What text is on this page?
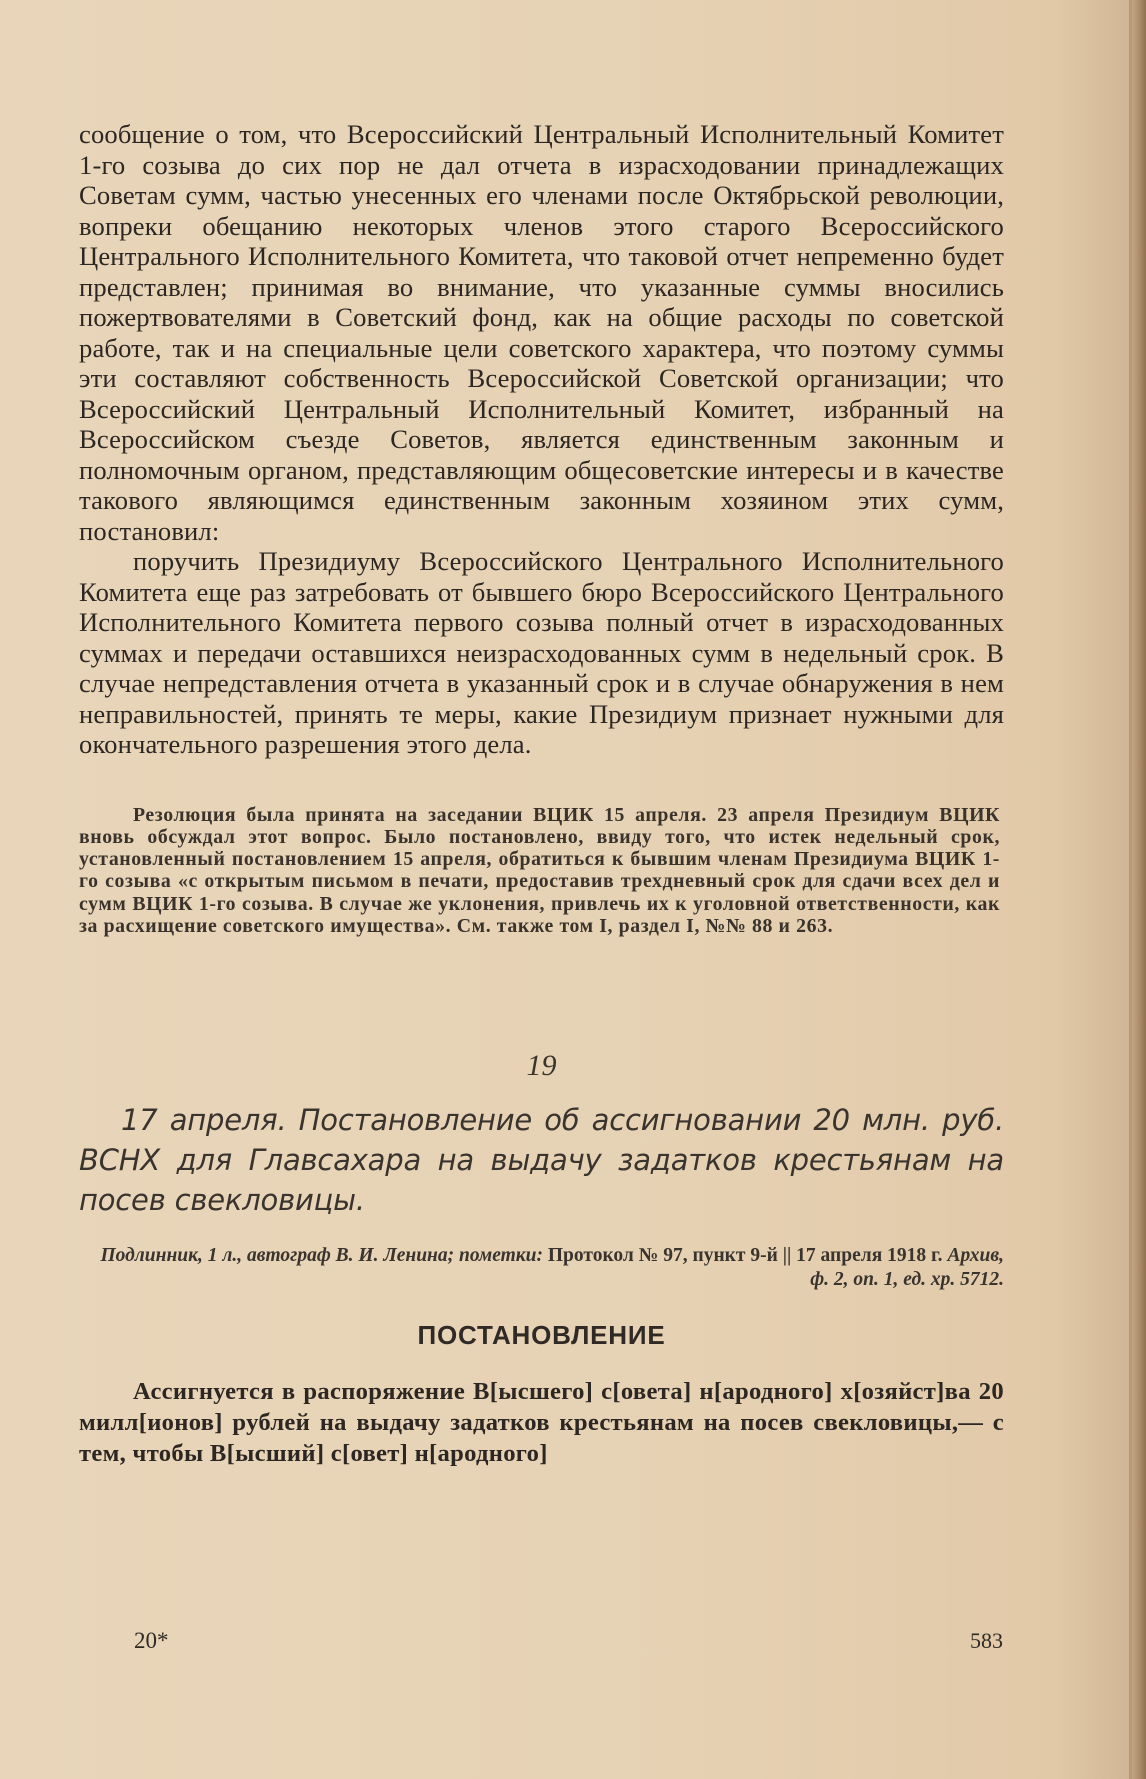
сообщение о том, что Всероссийский Центральный Исполнительный Комитет 1-го созыва до сих пор не дал отчета в израсходовании принадлежащих Советам сумм, частью унесенных его членами после Октябрьской революции, вопреки обещанию некоторых членов этого старого Всероссийского Центрального Исполнительного Комитета, что таковой отчет непременно будет представлен; принимая во внимание, что указанные суммы вносились пожертвователями в Советский фонд, как на общие расходы по советской работе, так и на специальные цели советского характера, что поэтому суммы эти составляют собственность Всероссийской Советской организации; что Всероссийский Центральный Исполнительный Комитет, избранный на Всероссийском съезде Советов, является единственным законным и полномочным органом, представляющим общесоветские интересы и в качестве такового являющимся единственным законным хозяином этих сумм, постановил:

поручить Президиуму Всероссийского Центрального Исполнительного Комитета еще раз затребовать от бывшего бюро Всероссийского Центрального Исполнительного Комитета первого созыва полный отчет в израсходованных суммах и передачи оставшихся неизрасходованных сумм в недельный срок. В случае непредставления отчета в указанный срок и в случае обнаружения в нем неправильностей, принять те меры, какие Президиум признает нужными для окончательного разрешения этого дела.

Резолюция была принята на заседании ВЦИК 15 апреля. 23 апреля Президиум ВЦИК вновь обсуждал этот вопрос. Было постановлено, ввиду того, что истек недельный срок, установленный постановлением 15 апреля, обратиться к бывшим членам Президиума ВЦИК 1-го созыва «с открытым письмом в печати, предоставив трехдневный срок для сдачи всех дел и сумм ВЦИК 1-го созыва. В случае же уклонения, привлечь их к уголовной ответственности, как за расхищение советского имущества». См. также том I, раздел I, №№ 88 и 263.

19

17 апреля. Постановление об ассигновании 20 млн. руб. ВСНХ для Главсахара на выдачу задатков крестьянам на посев свекловицы.

Подлинник, 1 л., автограф В. И. Ленина; пометки: Протокол № 97, пункт 9-й || 17 апреля 1918 г. Архив, ф. 2, оп. 1, ед. хр. 5712.
ПОСТАНОВЛЕНИЕ

Ассигнуется в распоряжение В[ысшего] с[овета] н[ародного] х[озяйст]ва 20 милл[ионов] рублей на выдачу задатков крестьянам на посев свекловицы,— с тем, чтобы В[ысший] с[овет] н[ародного]

20*	583
